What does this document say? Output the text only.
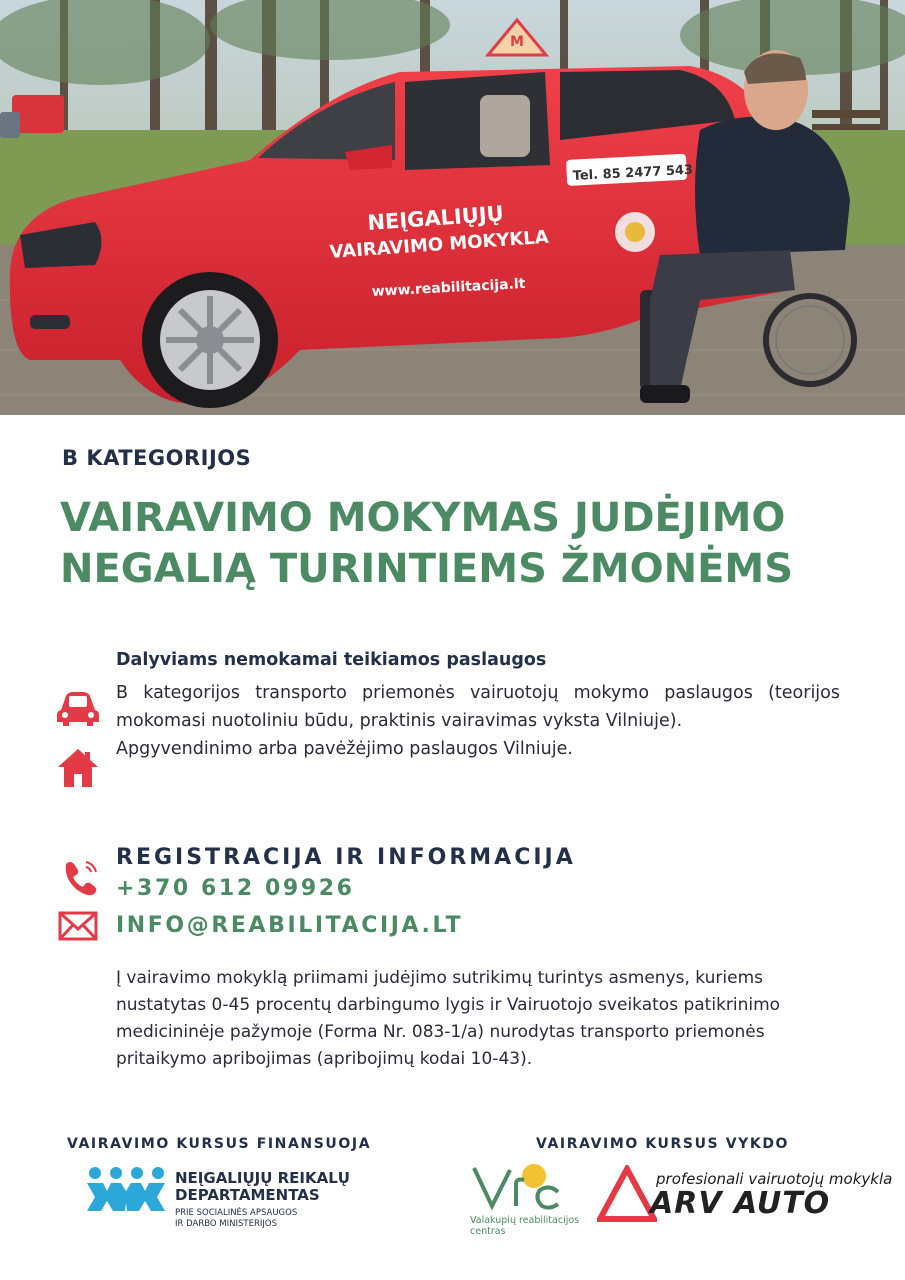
M
NEĮGALIŲJŲ
VAIRAVIMO MOKYKLA
www.reabilitacija.lt
Tel. 85 2477 543
B KATEGORIJOS
VAIRAVIMO MOKYMAS JUDĖJIMO
NEGALIĄ TURINTIEMS ŽMONĖMS
Dalyviams nemokamai teikiamos paslaugos

B kategorijos transporto priemonės vairuotojų mokymo paslaugos (teorijos mokomasi nuotoliniu būdu, praktinis vairavimas vyksta Vilniuje).

Apgyvendinimo arba pavėžėjimo paslaugos Vilniuje.

REGISTRACIJA IR INFORMACIJA
+370 612 09926
INFO@REABILITACIJA.LT
Į vairavimo mokyklą priimami judėjimo sutrikimų turintys asmenys, kuriems nustatytas 0-45 procentų darbingumo lygis ir Vairuotojo sveikatos patikrinimo medicininėje pažymoje (Forma Nr. 083-1/a) nurodytas transporto priemonės pritaikymo apribojimas (apribojimų kodai 10-43).
VAIRAVIMO KURSUS FINANSUOJA	VAIRAVIMO KURSUS VYKDO
NEĮGALIŲJŲ REIKALŲ
DEPARTAMENTAS
PRIE SOCIALINĖS APSAUGOS
IR DARBO MINISTERIJOS	Valakupių reabilitacijos centras
profesionali vairuotojų mokykla
ARV AUTO
